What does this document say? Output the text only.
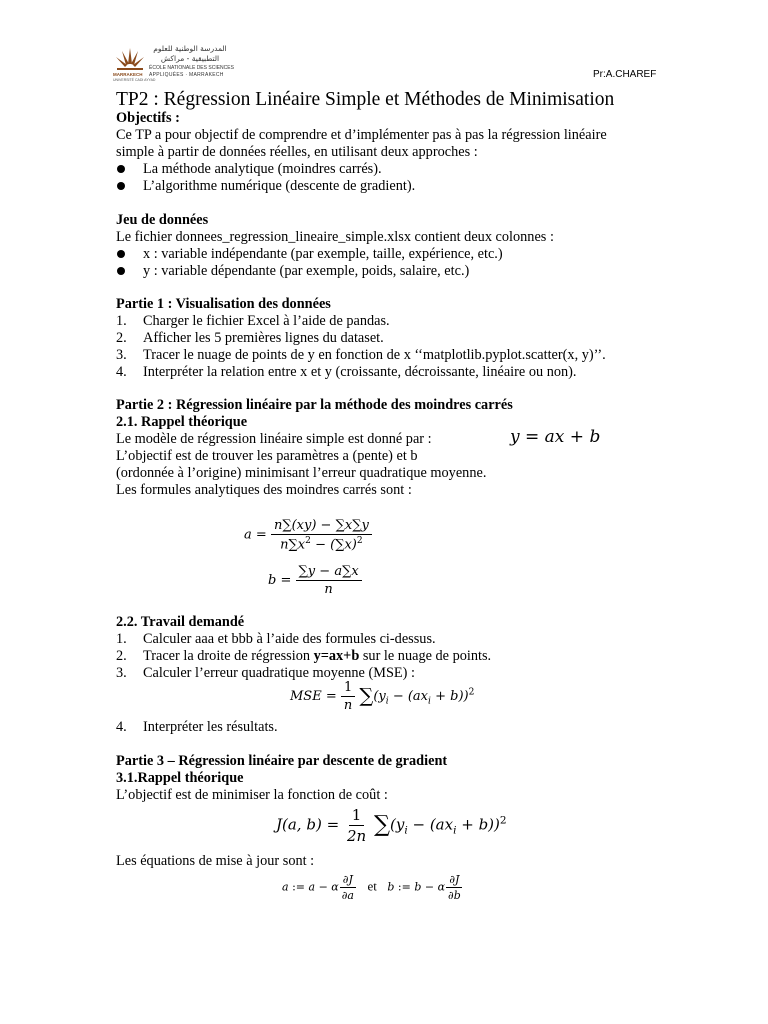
MARRAKECH
UNIVERSITÉ CADI AYYAD
المدرسة الوطنية للعلوم
التطبيقية - مراكش
ÉCOLE NATIONALE DES SCIENCES
APPLIQUÉES · MARRAKECH	Pr:A.CHAREF
TP2 : Régression Linéaire Simple et Méthodes de Minimisation
Objectifs :
Ce TP a pour objectif de comprendre et d’implémenter pas à pas la régression linéaire
simple à partir de données réelles, en utilisant deux approches :
La méthode analytique (moindres carrés).
L’algorithme numérique (descente de gradient).
Jeu de données
Le fichier donnees_regression_lineaire_simple.xlsx contient deux colonnes :
x : variable indépendante (par exemple, taille, expérience, etc.)
y : variable dépendante (par exemple, poids, salaire, etc.)
Partie 1 : Visualisation des données
1. Charger le fichier Excel à l’aide de pandas.
2. Afficher les 5 premières lignes du dataset.
3. Tracer le nuage de points de y en fonction de x ‘‘matplotlib.pyplot.scatter(x, y)’’.
4. Interpréter la relation entre x et y (croissante, décroissante, linéaire ou non).
Partie 2 : Régression linéaire par la méthode des moindres carrés
2.1. Rappel théorique
Le modèle de régression linéaire simple est donné par :	y = ax + b
L’objectif est de trouver les paramètres a (pente) et b
(ordonnée à l’origine) minimisant l’erreur quadratique moyenne.
Les formules analytiques des moindres carrés sont :
$a = \frac{n\sum(xy) - \sum x\sum y}{n\sum x^2 - (\sum x)^2}$
$b = \frac{\sum y - a\sum x}{n}$
2.2. Travail demandé
1. Calculer aaa et bbb à l’aide des formules ci-dessus.
2. Tracer la droite de régression y=ax+b sur le nuage de points.
3. Calculer l’erreur quadratique moyenne (MSE) :
MSE = $\frac{1}{n} \sum(y_i - (ax_i + b))^2$
4. Interpréter les résultats.
Partie 3 – Régression linéaire par descente de gradient
3.1.Rappel théorique
L’objectif est de minimiser la fonction de coût :
J(a, $b) = \frac{1}{2n} \sum(y_i - (ax_i + b))^2$
Les équations de mise à jour sont :
a := a − α $\frac{\partial J}{\partial a}$ et   b := b − α $\frac{\partial J}{\partial b}$
